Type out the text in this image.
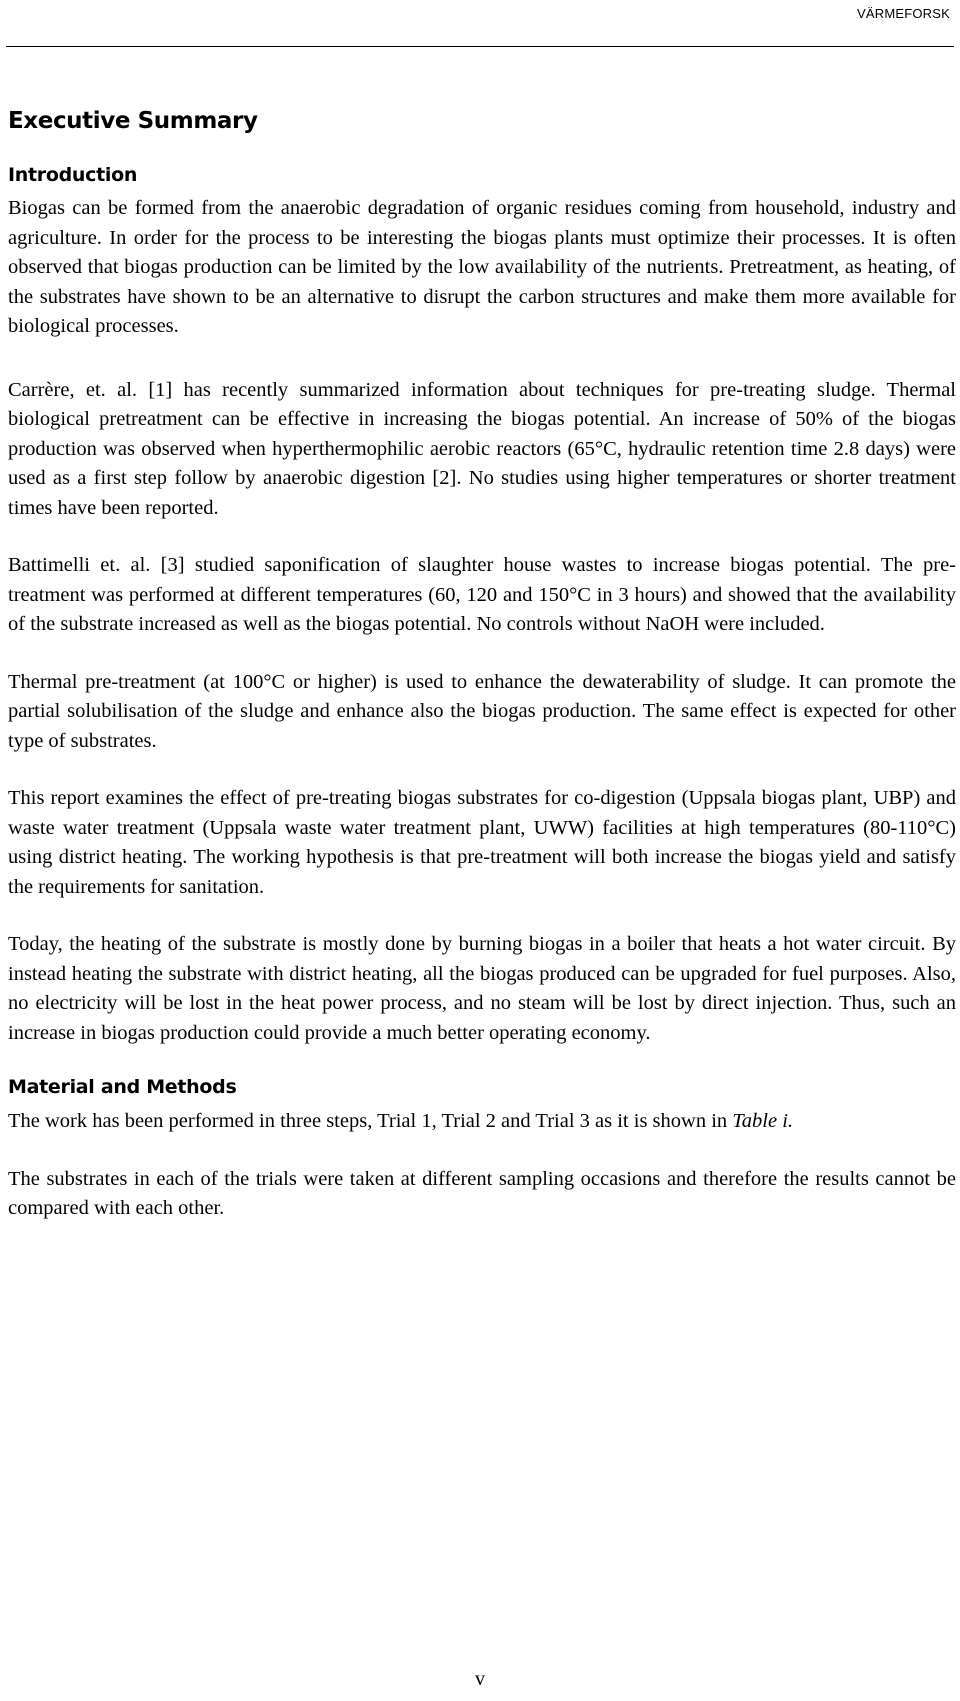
VÄRMEFORSK
Executive Summary
Introduction

Biogas can be formed from the anaerobic degradation of organic residues coming from household, industry and agriculture. In order for the process to be interesting the biogas plants must optimize their processes. It is often observed that biogas production can be limited by the low availability of the nutrients. Pretreatment, as heating, of the substrates have shown to be an alternative to disrupt the carbon structures and make them more available for biological processes.

Carrère, et. al. [1] has recently summarized information about techniques for pre-treating sludge. Thermal biological pretreatment can be effective in increasing the biogas potential. An increase of 50% of the biogas production was observed when hyperthermophilic aerobic reactors (65°C, hydraulic retention time 2.8 days) were used as a first step follow by anaerobic digestion [2]. No studies using higher temperatures or shorter treatment times have been reported.

Battimelli et. al. [3] studied saponification of slaughter house wastes to increase biogas potential. The pre-treatment was performed at different temperatures (60, 120 and 150°C in 3 hours) and showed that the availability of the substrate increased as well as the biogas potential. No controls without NaOH were included.

Thermal pre-treatment (at 100°C or higher) is used to enhance the dewaterability of sludge. It can promote the partial solubilisation of the sludge and enhance also the biogas production. The same effect is expected for other type of substrates.

This report examines the effect of pre-treating biogas substrates for co-digestion (Uppsala biogas plant, UBP) and waste water treatment (Uppsala waste water treatment plant, UWW) facilities at high temperatures (80-110°C) using district heating. The working hypothesis is that pre-treatment will both increase the biogas yield and satisfy the requirements for sanitation.

Today, the heating of the substrate is mostly done by burning biogas in a boiler that heats a hot water circuit. By instead heating the substrate with district heating, all the biogas produced can be upgraded for fuel purposes. Also, no electricity will be lost in the heat power process, and no steam will be lost by direct injection. Thus, such an increase in biogas production could provide a much better operating economy.

Material and Methods

The work has been performed in three steps, Trial 1, Trial 2 and Trial 3 as it is shown in Table i.

The substrates in each of the trials were taken at different sampling occasions and therefore the results cannot be compared with each other.

v
